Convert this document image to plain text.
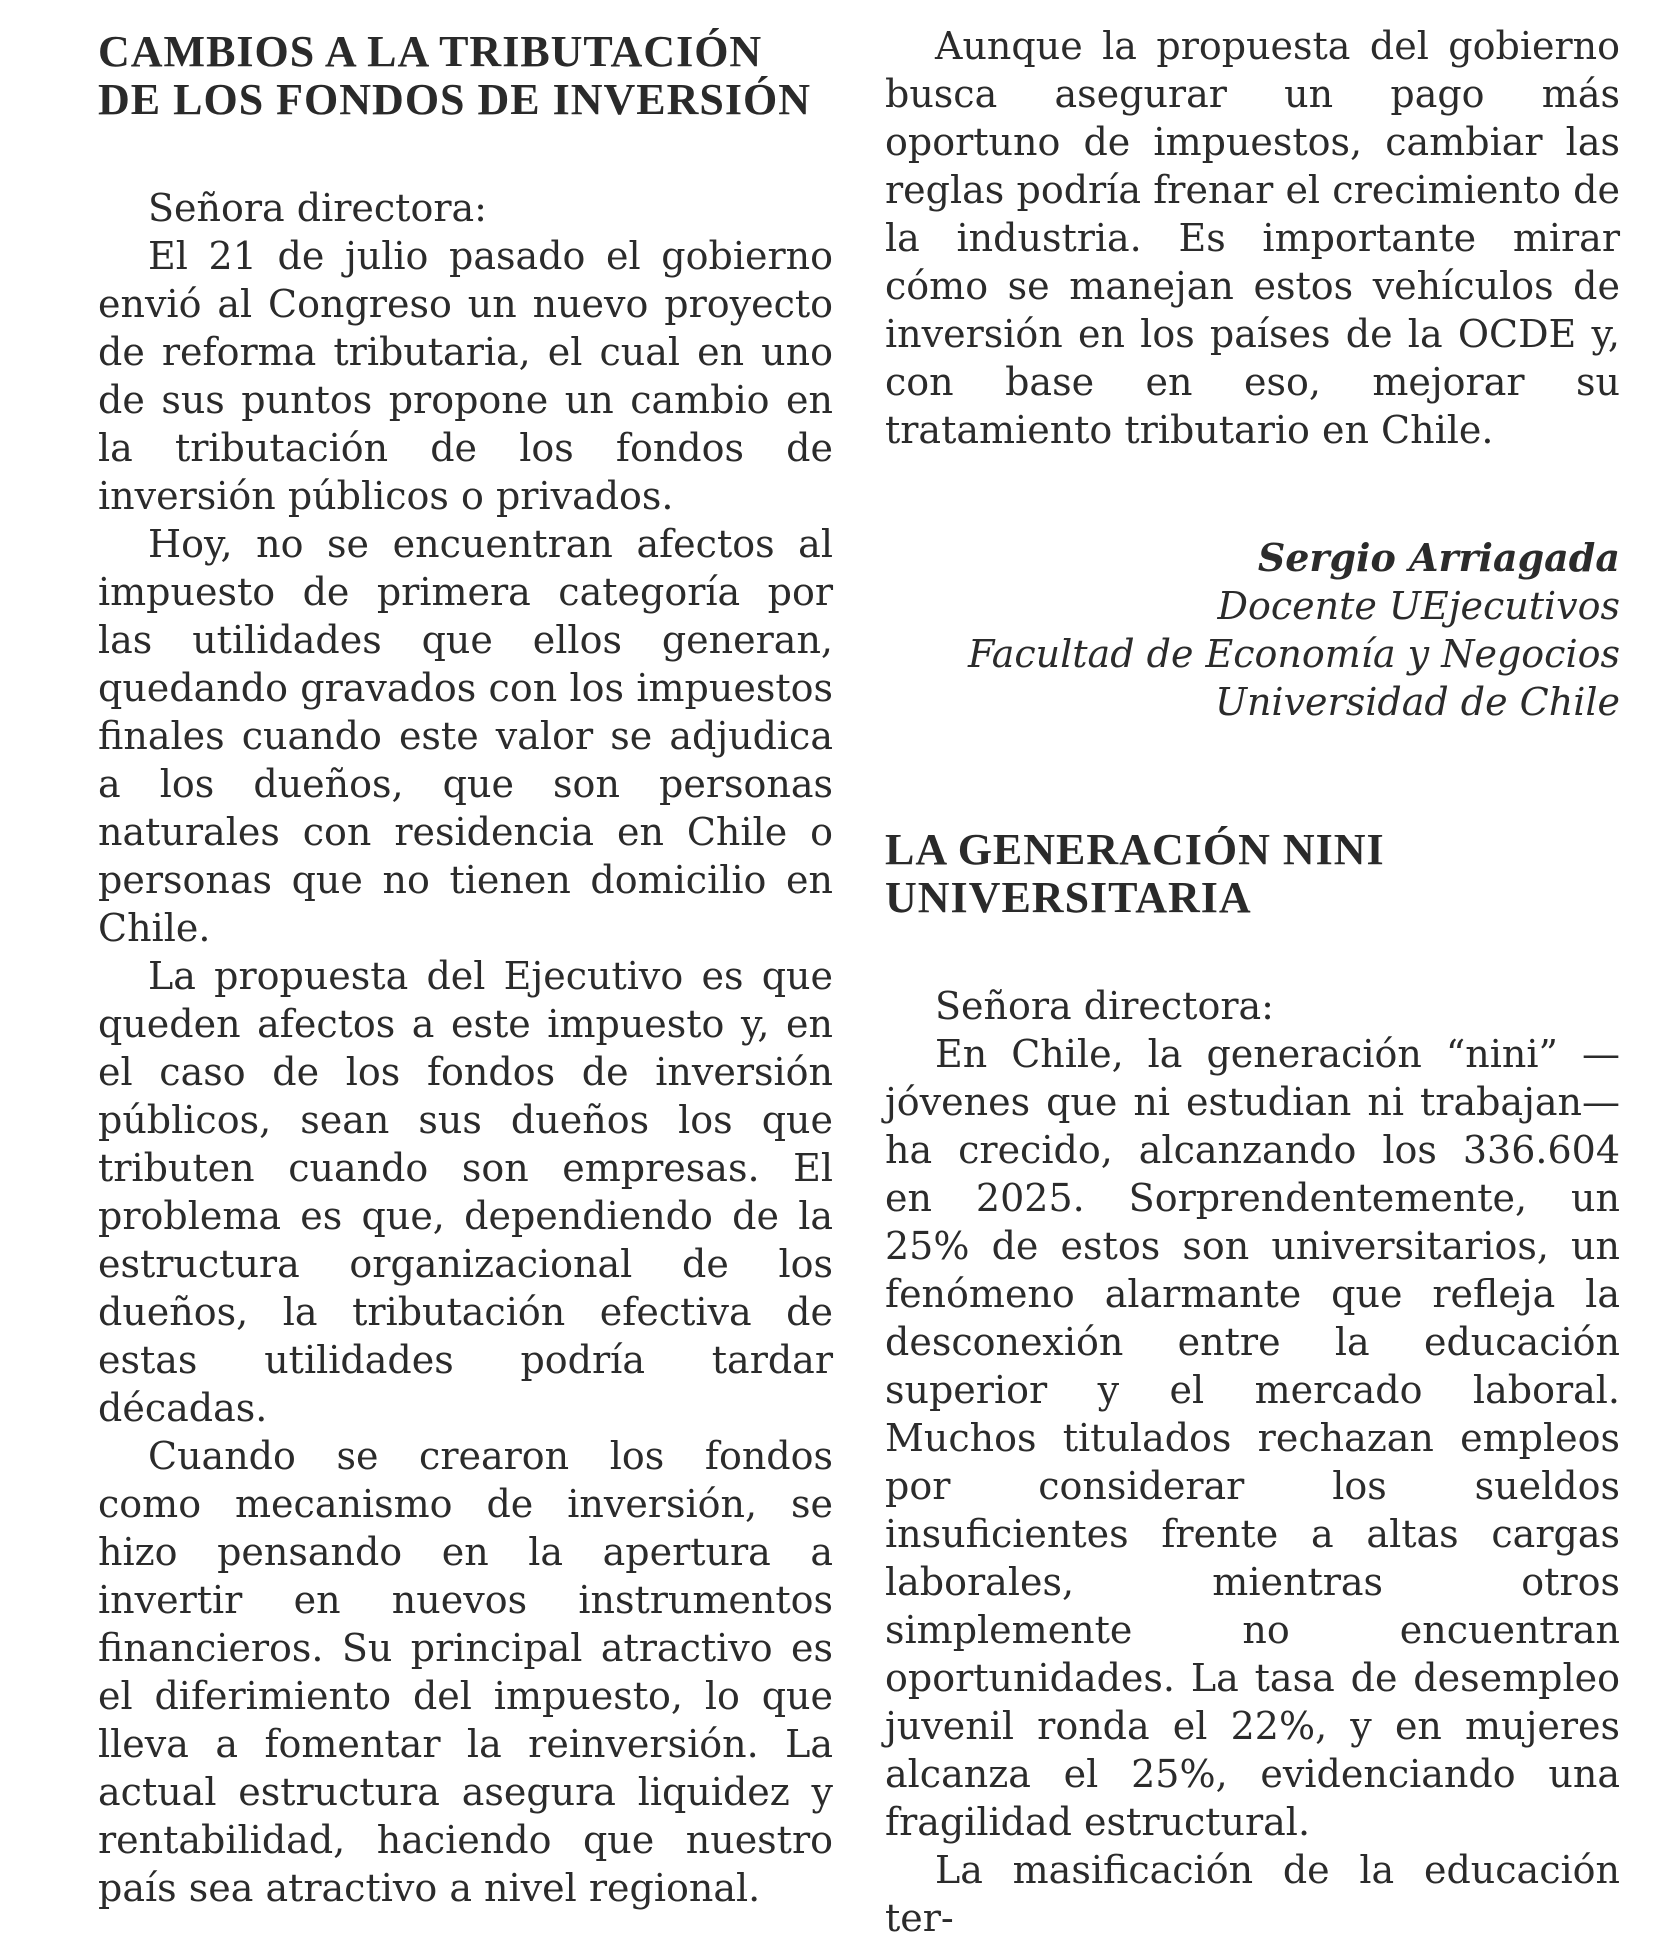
CAMBIOS A LA TRIBUTACIÓN DE LOS FONDOS DE INVERSIÓN

Señora directora:

El 21 de julio pasado el gobierno envió al Congreso un nuevo proyecto de reforma tributaria, el cual en uno de sus puntos propone un cambio en la tributación de los fondos de inversión públicos o privados.

Hoy, no se encuentran afectos al impuesto de primera categoría por las utilidades que ellos generan, quedando gravados con los impuestos finales cuando este valor se adjudica a los dueños, que son personas naturales con residencia en Chile o personas que no tienen domicilio en Chile.

La propuesta del Ejecutivo es que queden afectos a este impuesto y, en el caso de los fondos de inversión públicos, sean sus dueños los que tributen cuando son empresas. El problema es que, dependiendo de la estructura organizacional de los dueños, la tributación efectiva de estas utilidades podría tardar décadas.

Cuando se crearon los fondos como mecanismo de inversión, se hizo pensando en la apertura a invertir en nuevos instrumentos financieros. Su principal atractivo es el diferimiento del impuesto, lo que lleva a fomentar la reinversión. La actual estructura asegura liquidez y rentabilidad, haciendo que nuestro país sea atractivo a nivel regional.

Aunque la propuesta del gobierno busca asegurar un pago más oportuno de impuestos, cambiar las reglas podría frenar el crecimiento de la industria. Es importante mirar cómo se manejan estos vehículos de inversión en los países de la OCDE y, con base en eso, mejorar su tratamiento tributario en Chile.

Sergio Arriagada
Docente UEjecutivos
Facultad de Economía y Negocios
Universidad de Chile
LA GENERACIÓN NINI UNIVERSITARIA

Señora directora:

En Chile, la generación “nini” —jóvenes que ni estudian ni trabajan— ha crecido, alcanzando los 336.604 en 2025. Sorprendentemente, un 25% de estos son universitarios, un fenómeno alarmante que refleja la desconexión entre la educación superior y el mercado laboral. Muchos titulados rechazan empleos por considerar los sueldos insuficientes frente a altas cargas laborales, mientras otros simplemente no encuentran oportunidades. La tasa de desempleo juvenil ronda el 22%, y en mujeres alcanza el 25%, evidenciando una fragilidad estructural.

La masificación de la educación ter-
